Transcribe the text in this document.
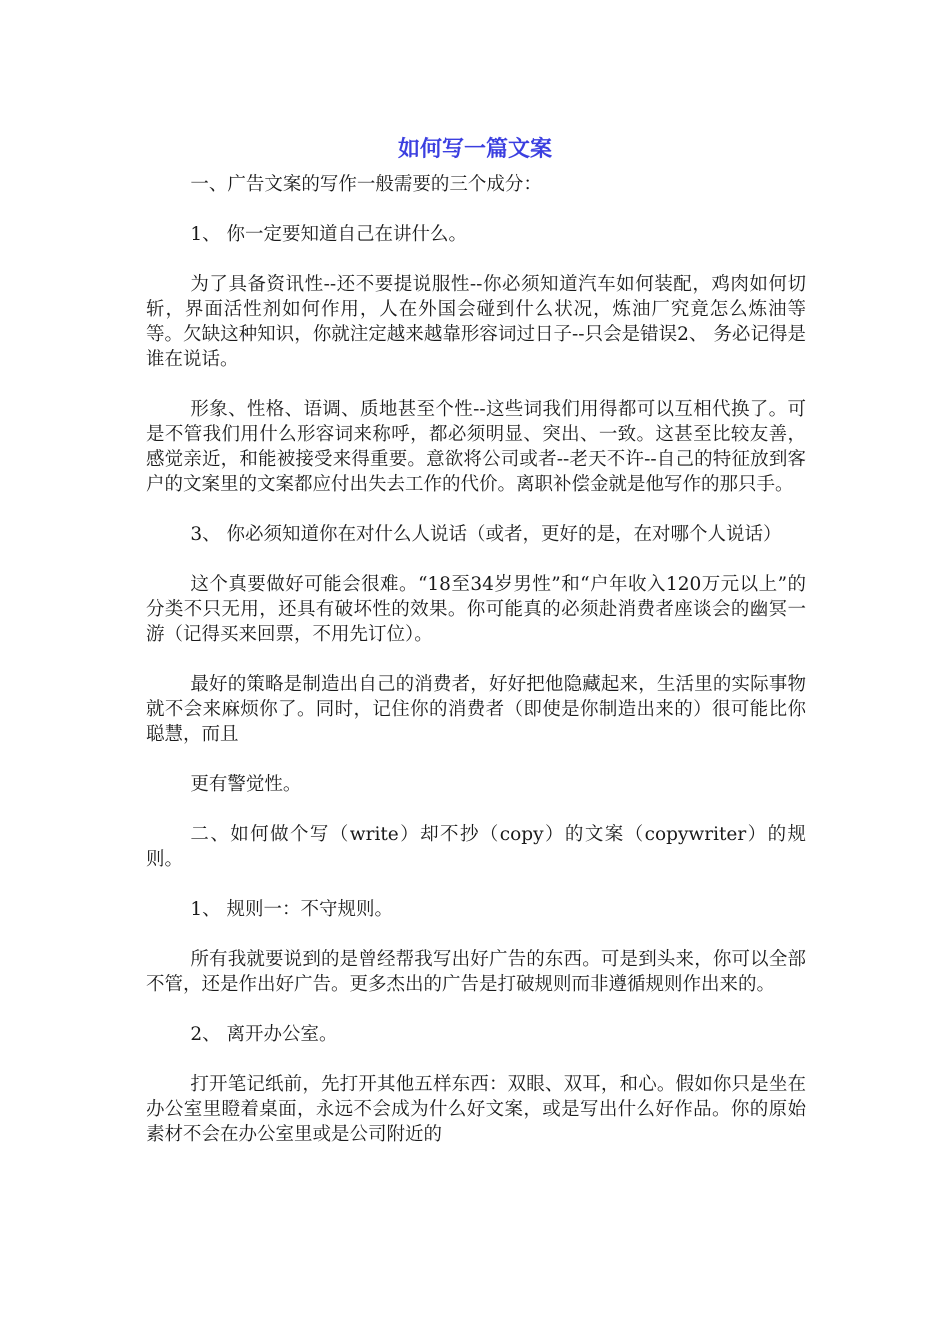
如何写一篇文案

一、广告文案的写作一般需要的三个成分：

1、 你一定要知道自己在讲什么。

为了具备资讯性--还不要提说服性--你必须知道汽车如何装配，鸡肉如何切斩，界面活性剂如何作用，人在外国会碰到什么状况，炼油厂究竟怎么炼油等等。欠缺这种知识，你就注定越来越靠形容词过日子--只会是错误2、 务必记得是谁在说话。

形象、性格、语调、质地甚至个性--这些词我们用得都可以互相代换了。可是不管我们用什么形容词来称呼，都必须明显、突出、一致。这甚至比较友善，感觉亲近，和能被接受来得重要。意欲将公司或者--老天不许--自己的特征放到客户的文案里的文案都应付出失去工作的代价。离职补偿金就是他写作的那只手。

3、 你必须知道你在对什么人说话（或者，更好的是，在对哪个人说话）

这个真要做好可能会很难。“18至34岁男性”和“户年收入120万元以上”的分类不只无用，还具有破坏性的效果。你可能真的必须赴消费者座谈会的幽冥一游（记得买来回票，不用先订位）。

最好的策略是制造出自己的消费者，好好把他隐藏起来，生活里的实际事物就不会来麻烦你了。同时，记住你的消费者（即使是你制造出来的）很可能比你聪慧，而且

更有警觉性。

二、如何做个写（write）却不抄（copy）的文案（copywriter）的规则。

1、 规则一：不守规则。

所有我就要说到的是曾经帮我写出好广告的东西。可是到头来，你可以全部不管，还是作出好广告。更多杰出的广告是打破规则而非遵循规则作出来的。

2、 离开办公室。

打开笔记纸前，先打开其他五样东西：双眼、双耳，和心。假如你只是坐在办公室里瞪着桌面，永远不会成为什么好文案，或是写出什么好作品。你的原始素材不会在办公室里或是公司附近的
